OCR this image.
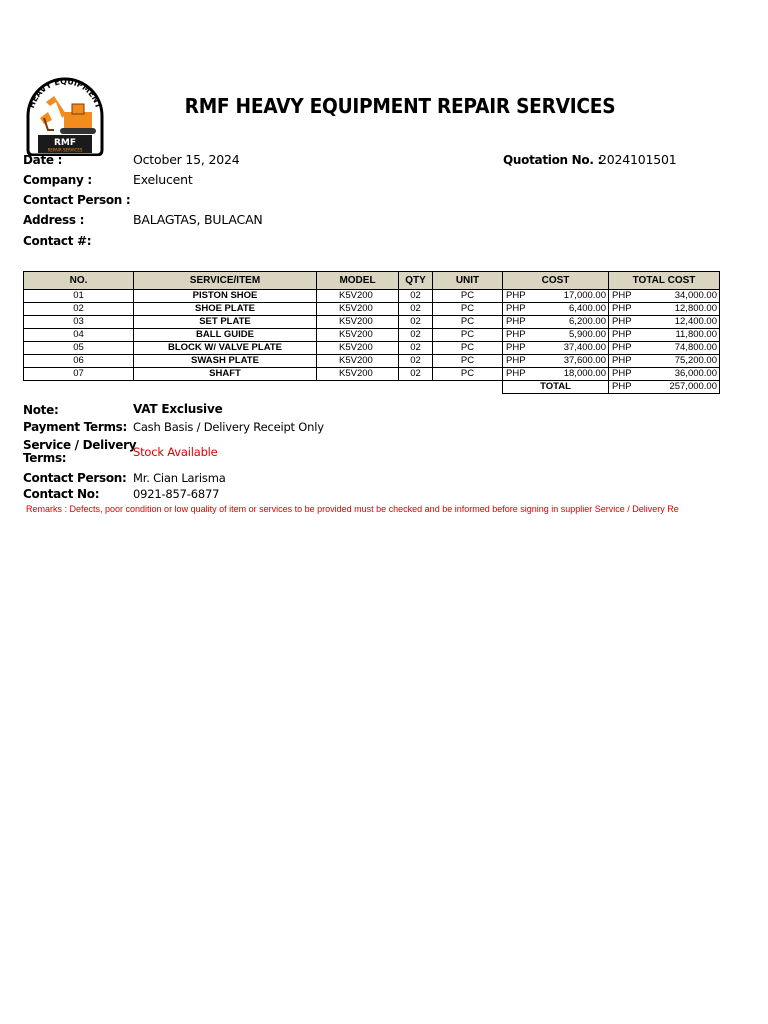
HEAVY EQUIPMENT
RMF
REPAIR SERVICES
RMF HEAVY EQUIPMENT REPAIR SERVICES
Date :	October 15, 2024	Quotation No. :
2024101501
Company :	Exelucent
Contact Person :
Address :	BALAGTAS, BULACAN
Contact #:
NO.	SERVICE/ITEM	MODEL	QTY	UNIT	COST	TOTAL COST
01	PISTON SHOE	K5V200	02	PC	PHP 17,000.00	PHP 34,000.00
02	SHOE PLATE	K5V200	02	PC	PHP 6,400.00	PHP 12,800.00
03	SET PLATE	K5V200	02	PC	PHP 6,200.00	PHP 12,400.00
04	BALL GUIDE	K5V200	02	PC	PHP 5,900.00	PHP 11,800.00
05	BLOCK W/ VALVE PLATE	K5V200	02	PC	PHP 37,400.00	PHP 74,800.00
06	SWASH PLATE	K5V200	02	PC	PHP 37,600.00	PHP 75,200.00
07	SHAFT	K5V200	02	PC	PHP 18,000.00	PHP 36,000.00
					TOTAL	PHP 257,000.00
Note:	VAT Exclusive
Payment Terms: Cash Basis / Delivery Receipt Only
Service / Delivery
Terms:	Stock Available
Contact Person: Mr. Cian Larisma
Contact No:	0921-857-6877
Remarks : Defects, poor condition or low quality of item or services to be provided must be checked and be informed before signing in supplier Service / Delivery Re
